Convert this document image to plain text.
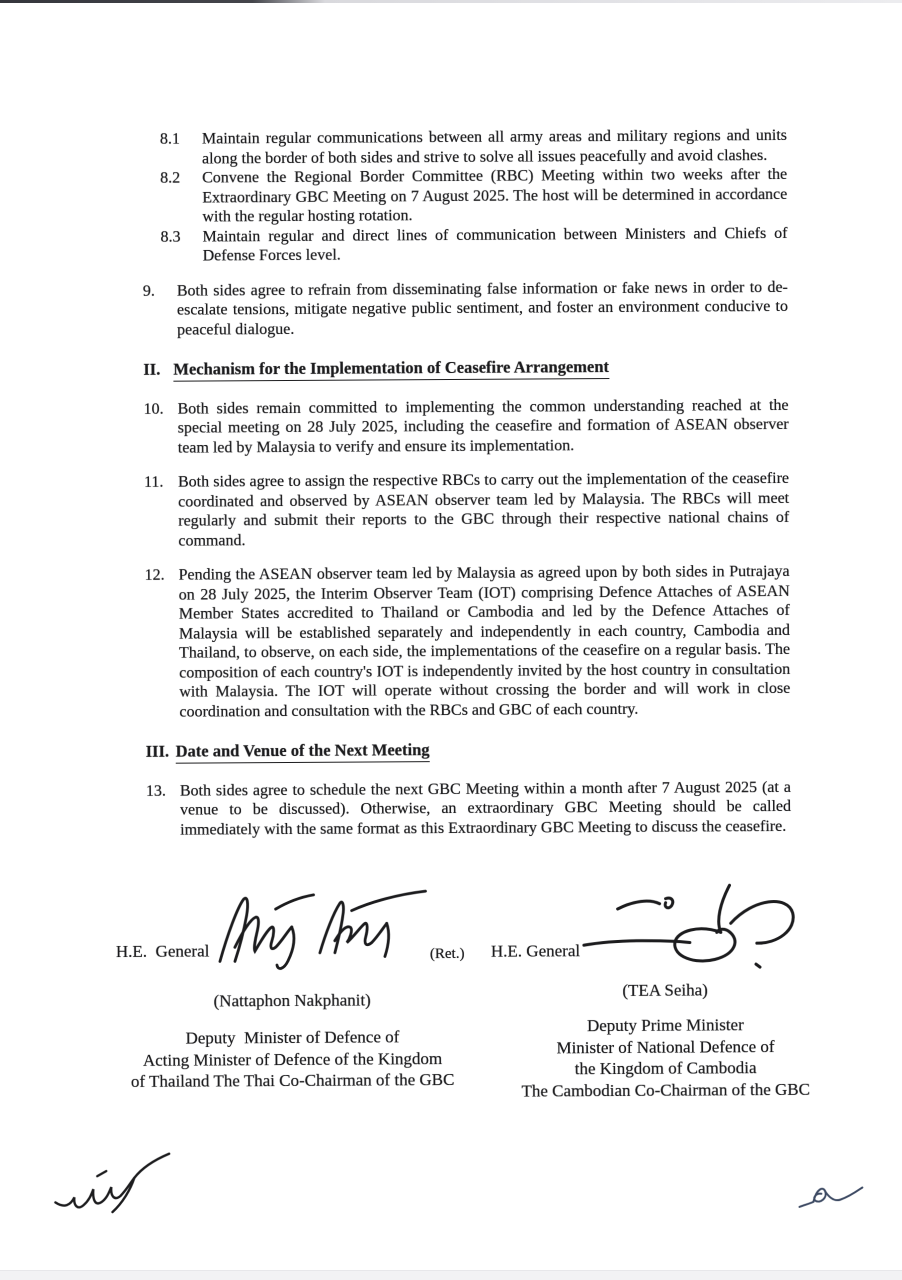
8.1	Maintain regular communications between all army areas and military regions and units along the border of both sides and strive to solve all issues peacefully and avoid clashes.
8.2	Convene the Regional Border Committee (RBC) Meeting within two weeks after the Extraordinary GBC Meeting on 7 August 2025. The host will be determined in accordance with the regular hosting rotation.
8.3	Maintain regular and direct lines of communication between Ministers and Chiefs of Defense Forces level.
9.	Both sides agree to refrain from disseminating false information or fake news in order to de-escalate tensions, mitigate negative public sentiment, and foster an environment conducive to peaceful dialogue.
II. Mechanism for the Implementation of Ceasefire Arrangement
10. Both sides remain committed to implementing the common understanding reached at the special meeting on 28 July 2025, including the ceasefire and formation of ASEAN observer team led by Malaysia to verify and ensure its implementation.
11. Both sides agree to assign the respective RBCs to carry out the implementation of the ceasefire coordinated and observed by ASEAN observer team led by Malaysia. The RBCs will meet regularly and submit their reports to the GBC through their respective national chains of command.
12. Pending the ASEAN observer team led by Malaysia as agreed upon by both sides in Putrajaya on 28 July 2025, the Interim Observer Team (IOT) comprising Defence Attaches of ASEAN Member States accredited to Thailand or Cambodia and led by the Defence Attaches of Malaysia will be established separately and independently in each country, Cambodia and Thailand, to observe, on each side, the implementations of the ceasefire on a regular basis. The composition of each country's IOT is independently invited by the host country in consultation with Malaysia. The IOT will operate without crossing the border and will work in close coordination and consultation with the RBCs and GBC of each country.
III. Date and Venue of the Next Meeting
13. Both sides agree to schedule the next GBC Meeting within a month after 7 August 2025 (at a venue to be discussed). Otherwise, an extraordinary GBC Meeting should be called immediately with the same format as this Extraordinary GBC Meeting to discuss the ceasefire.
H.E.  General	(Ret.) H.E. General
(Nattaphon Nakphanit)
(TEA Seiha)
Deputy  Minister of Defence of
Acting Minister of Defence of the Kingdom
of Thailand The Thai Co-Chairman of the GBC
Deputy Prime Minister
Minister of National Defence of
the Kingdom of Cambodia
The Cambodian Co-Chairman of the GBC
